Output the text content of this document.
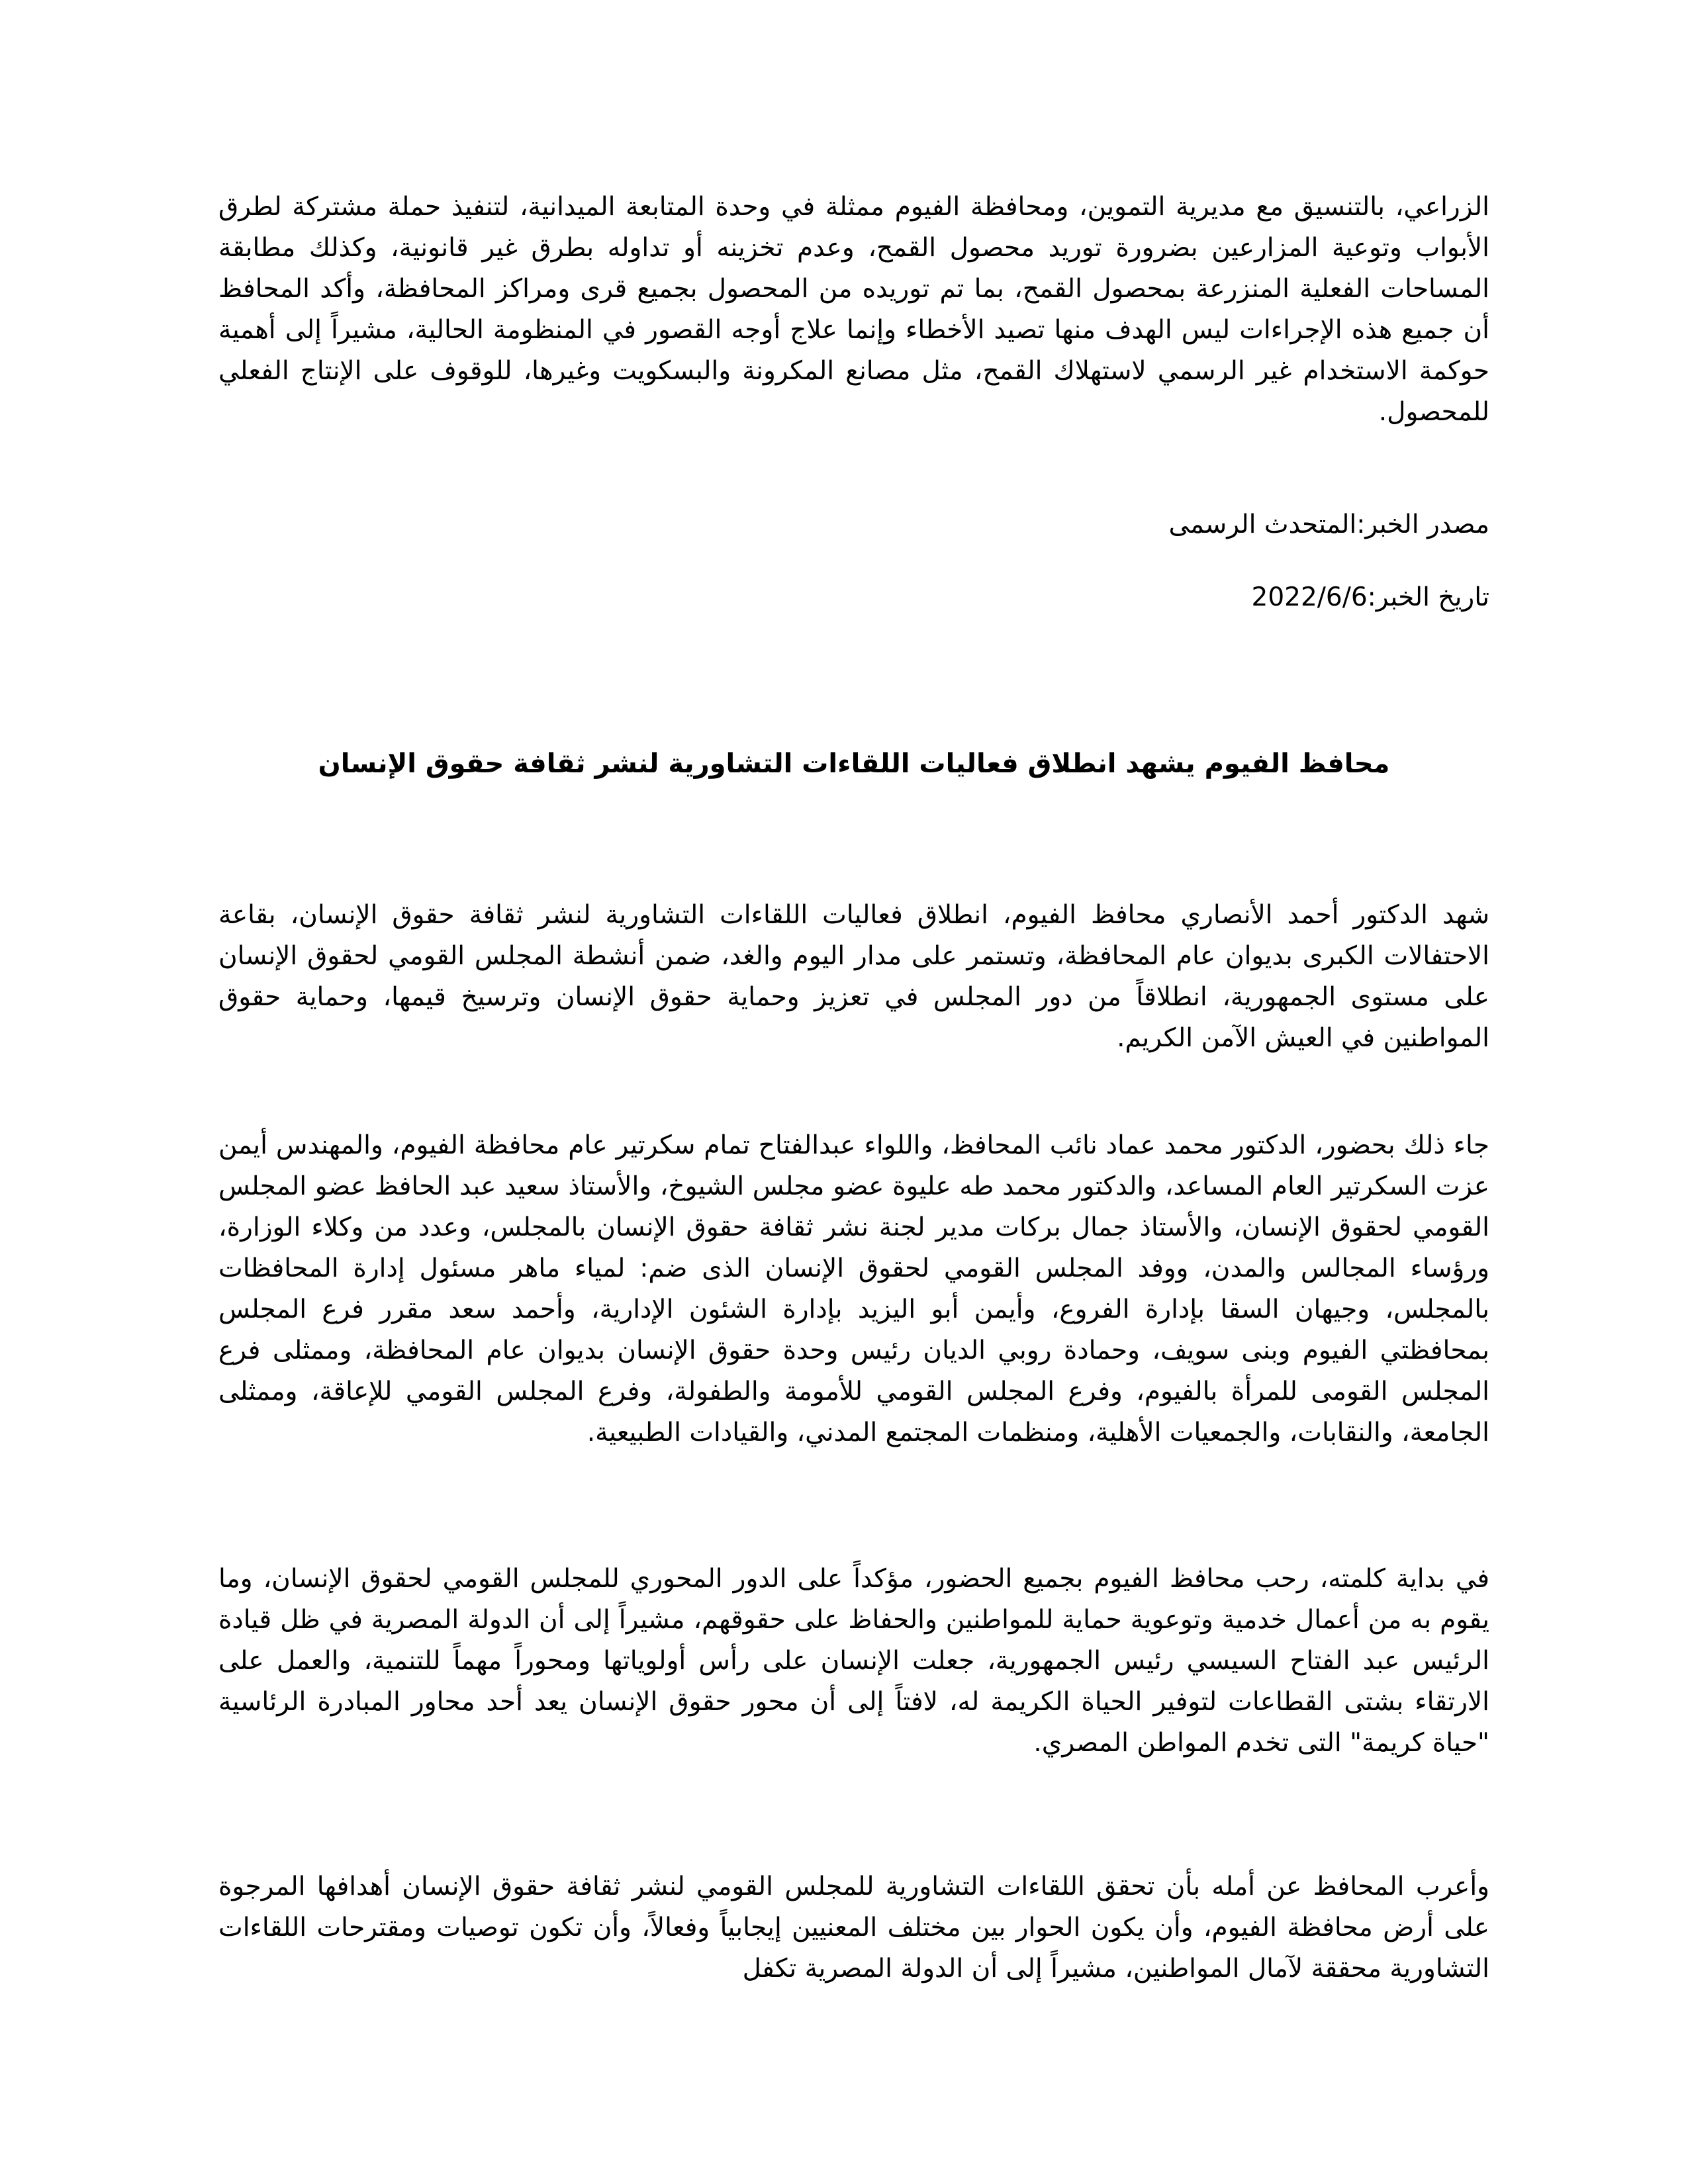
الزراعي، بالتنسيق مع مديرية التموين، ومحافظة الفيوم ممثلة في وحدة المتابعة الميدانية، لتنفيذ حملة مشتركة لطرق الأبواب وتوعية المزارعين بضرورة توريد محصول القمح، وعدم تخزينه أو تداوله بطرق غير قانونية، وكذلك مطابقة المساحات الفعلية المنزرعة بمحصول القمح، بما تم توريده من المحصول بجميع قرى ومراكز المحافظة، وأكد المحافظ أن جميع هذه الإجراءات ليس الهدف منها تصيد الأخطاء وإنما علاج أوجه القصور في المنظومة الحالية، مشيراً إلى أهمية حوكمة الاستخدام غير الرسمي لاستهلاك القمح، مثل مصانع المكرونة والبسكويت وغيرها، للوقوف على الإنتاج الفعلي للمحصول.

مصدر الخبر:المتحدث الرسمى

تاريخ الخبر:2022/6/6

محافظ الفيوم يشهد انطلاق فعاليات اللقاءات التشاورية لنشر ثقافة حقوق الإنسان

شهد الدكتور أحمد الأنصاري محافظ الفيوم، انطلاق فعاليات اللقاءات التشاورية لنشر ثقافة حقوق الإنسان، بقاعة الاحتفالات الكبرى بديوان عام المحافظة، وتستمر على مدار اليوم والغد، ضمن أنشطة المجلس القومي لحقوق الإنسان على مستوى الجمهورية، انطلاقاً من دور المجلس في تعزيز وحماية حقوق الإنسان وترسيخ قيمها، وحماية حقوق المواطنين في العيش الآمن الكريم.

جاء ذلك بحضور، الدكتور محمد عماد نائب المحافظ، واللواء عبدالفتاح تمام سكرتير عام محافظة الفيوم، والمهندس أيمن عزت السكرتير العام المساعد، والدكتور محمد طه عليوة عضو مجلس الشيوخ، والأستاذ سعيد عبد الحافظ عضو المجلس القومي لحقوق الإنسان، والأستاذ جمال بركات مدير لجنة نشر ثقافة حقوق الإنسان بالمجلس، وعدد من وكلاء الوزارة، ورؤساء المجالس والمدن، ووفد المجلس القومي لحقوق الإنسان الذى ضم: لمياء ماهر مسئول إدارة المحافظات بالمجلس، وجيهان السقا بإدارة الفروع، وأيمن أبو اليزيد بإدارة الشئون الإدارية، وأحمد سعد مقرر فرع المجلس بمحافظتي الفيوم وبنى سويف، وحمادة روبي الديان رئيس وحدة حقوق الإنسان بديوان عام المحافظة، وممثلى فرع المجلس القومى للمرأة بالفيوم، وفرع المجلس القومي للأمومة والطفولة، وفرع المجلس القومي للإعاقة، وممثلى الجامعة، والنقابات، والجمعيات الأهلية، ومنظمات المجتمع المدني، والقيادات الطبيعية.

في بداية كلمته، رحب محافظ الفيوم بجميع الحضور، مؤكداً على الدور المحوري للمجلس القومي لحقوق الإنسان، وما يقوم به من أعمال خدمية وتوعوية حماية للمواطنين والحفاظ على حقوقهم، مشيراً إلى أن الدولة المصرية في ظل قيادة الرئيس عبد الفتاح السيسي رئيس الجمهورية، جعلت الإنسان على رأس أولوياتها ومحوراً مهماً للتنمية، والعمل على الارتقاء بشتى القطاعات لتوفير الحياة الكريمة له، لافتاً إلى أن محور حقوق الإنسان يعد أحد محاور المبادرة الرئاسية "حياة كريمة" التى تخدم المواطن المصري.

وأعرب المحافظ عن أمله بأن تحقق اللقاءات التشاورية للمجلس القومي لنشر ثقافة حقوق الإنسان أهدافها المرجوة على أرض محافظة الفيوم، وأن يكون الحوار بين مختلف المعنيين إيجابياً وفعالاً، وأن تكون توصيات ومقترحات اللقاءات التشاورية محققة لآمال المواطنين، مشيراً إلى أن الدولة المصرية تكفل
